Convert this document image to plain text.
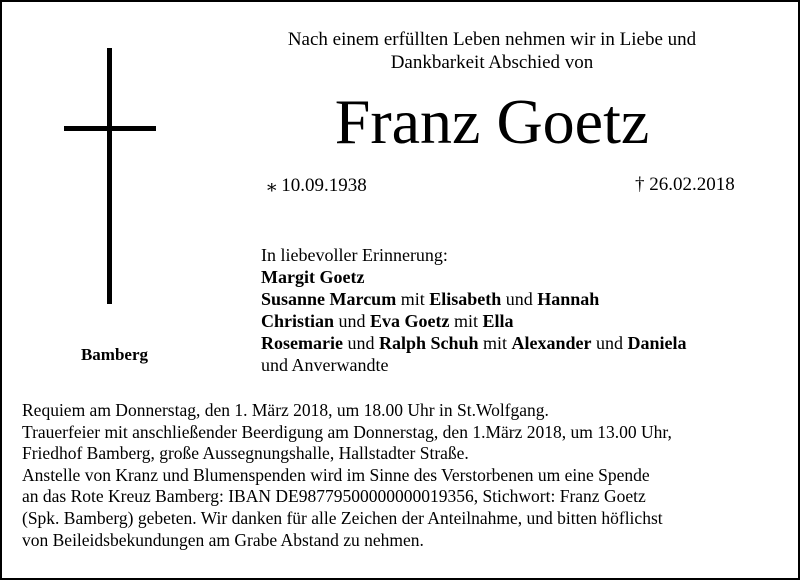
Nach einem erfüllten Leben nehmen wir in Liebe und
Dankbarkeit Abschied von
Franz Goetz
⁎ 10.09.1938	† 26.02.2018
Bamberg
In liebevoller Erinnerung:
Margit Goetz
Susanne Marcum mit Elisabeth und Hannah
Christian und Eva Goetz mit Ella
Rosemarie und Ralph Schuh mit Alexander und Daniela
und Anverwandte
Requiem am Donnerstag, den 1. März 2018, um 18.00 Uhr in St.Wolfgang.
Trauerfeier mit anschließender Beerdigung am Donnerstag, den 1.März 2018, um 13.00 Uhr,
Friedhof Bamberg, große Aussegnungshalle, Hallstadter Straße.
Anstelle von Kranz und Blumenspenden wird im Sinne des Verstorbenen um eine Spende
an das Rote Kreuz Bamberg: IBAN DE98779500000000019356, Stichwort: Franz Goetz
(Spk. Bamberg) gebeten. Wir danken für alle Zeichen der Anteilnahme, und bitten höflichst
von Beileidsbekundungen am Grabe Abstand zu nehmen.
